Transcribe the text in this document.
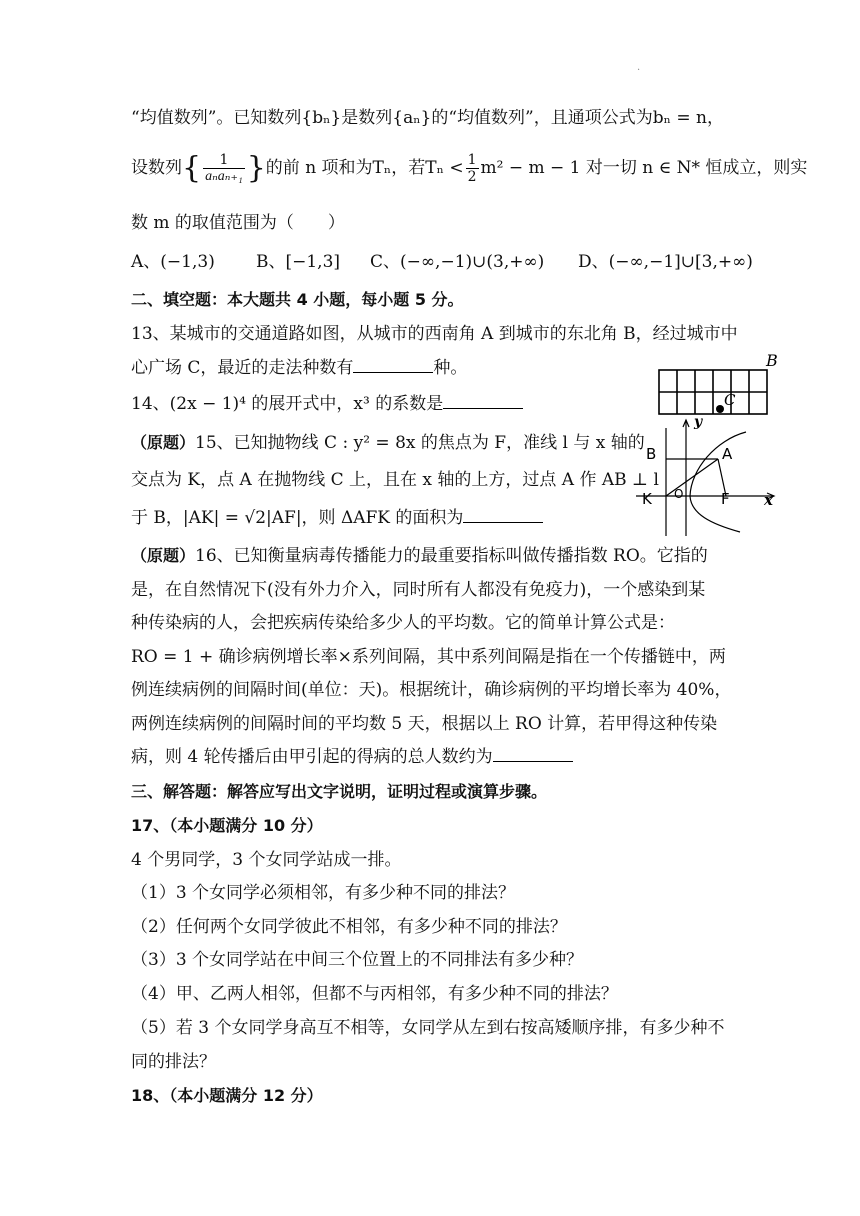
.
“均值数列”。已知数列{bₙ}是数列{aₙ}的“均值数列”，且通项公式为bₙ = n，
设数列{ $\frac{1}{\text{aₙaₙ₊₁}}$ }的前 n 项和为Tₙ，若$T_n < \frac{1}{2} m^2 - m - 1$ 对一切 n ∈ N* 恒成立，则实
数 m 的取值范围为（　　）
A、(−1,3) B、[−1,3] C、(−∞,−1)∪(3,+∞) D、(−∞,−1]∪[3,+∞)
二、填空题：本大题共 4 小题，每小题 5 分。
13、某城市的交通道路如图，从城市的西南角 A 到城市的东北角 B，经过城市中
心广场 C，最近的走法种数有	种。
14、(2x − 1)⁴ 的展开式中，x³ 的系数是
（原题）15、已知抛物线 C : y² = 8x 的焦点为 F，准线 l 与 x 轴的
交点为 K，点 A 在抛物线 C 上，且在 x 轴的上方，过点 A 作 AB ⊥ l
于 B，|AK| = √2|AF|，则 ΔAFK 的面积为
（原题）16、已知衡量病毒传播能力的最重要指标叫做传播指数 RO。它指的
是，在自然情况下(没有外力介入，同时所有人都没有免疫力)，一个感染到某
种传染病的人，会把疾病传染给多少人的平均数。它的简单计算公式是：
RO = 1 + 确诊病例增长率×系列间隔，其中系列间隔是指在一个传播链中，两
例连续病例的间隔时间(单位：天)。根据统计，确诊病例的平均增长率为 40%，
两例连续病例的间隔时间的平均数 5 天，根据以上 RO 计算，若甲得这种传染
病，则 4 轮传播后由甲引起的得病的总人数约为
三、解答题：解答应写出文字说明，证明过程或演算步骤。
17、（本小题满分 10 分）
4 个男同学，3 个女同学站成一排。
（1）3 个女同学必须相邻，有多少种不同的排法？
（2）任何两个女同学彼此不相邻，有多少种不同的排法？
（3）3 个女同学站在中间三个位置上的不同排法有多少种？
（4）甲、乙两人相邻，但都不与丙相邻，有多少种不同的排法？
（5）若 3 个女同学身高互不相等，女同学从左到右按高矮顺序排，有多少种不
同的排法？
18、（本小题满分 12 分）
B
C
B	A
K O	F x
y
